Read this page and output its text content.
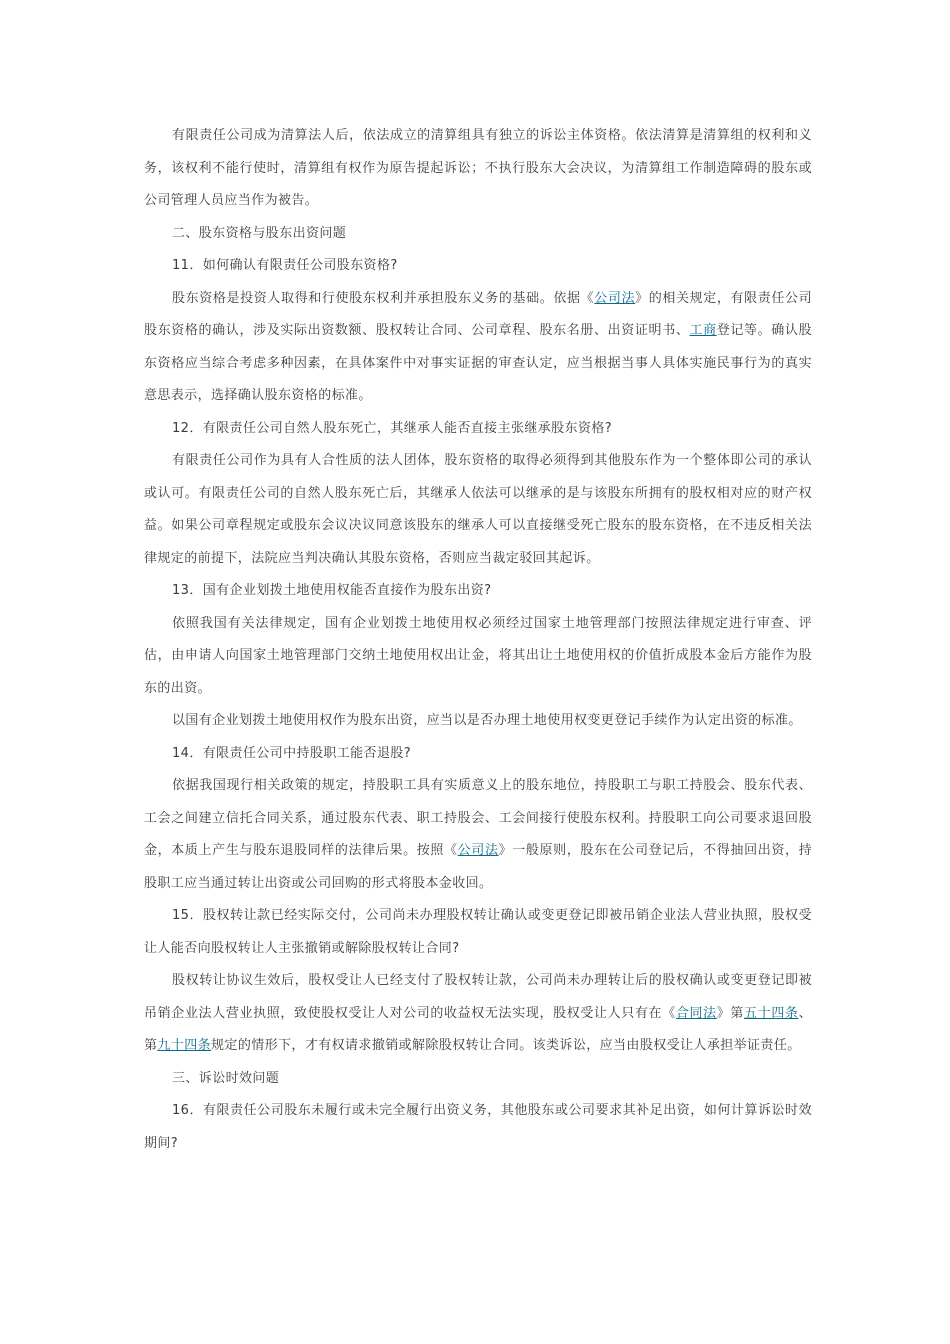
有限责任公司成为清算法人后，依法成立的清算组具有独立的诉讼主体资格。依法清算是清算组的权利和义务，该权利不能行使时，清算组有权作为原告提起诉讼；不执行股东大会决议，为清算组工作制造障碍的股东或公司管理人员应当作为被告。

二、股东资格与股东出资问题

11．如何确认有限责任公司股东资格?

股东资格是投资人取得和行使股东权利并承担股东义务的基础。依据《公司法》的相关规定，有限责任公司股东资格的确认，涉及实际出资数额、股权转让合同、公司章程、股东名册、出资证明书、工商登记等。确认股东资格应当综合考虑多种因素，在具体案件中对事实证据的审查认定，应当根据当事人具体实施民事行为的真实意思表示，选择确认股东资格的标准。

12．有限责任公司自然人股东死亡，其继承人能否直接主张继承股东资格?

有限责任公司作为具有人合性质的法人团体，股东资格的取得必须得到其他股东作为一个整体即公司的承认或认可。有限责任公司的自然人股东死亡后，其继承人依法可以继承的是与该股东所拥有的股权相对应的财产权益。如果公司章程规定或股东会议决议同意该股东的继承人可以直接继受死亡股东的股东资格，在不违反相关法律规定的前提下，法院应当判决确认其股东资格，否则应当裁定驳回其起诉。

13．国有企业划拨土地使用权能否直接作为股东出资?

依照我国有关法律规定，国有企业划拨土地使用权必须经过国家土地管理部门按照法律规定进行审查、评估，由申请人向国家土地管理部门交纳土地使用权出让金，将其出让土地使用权的价值折成股本金后方能作为股东的出资。

以国有企业划拨土地使用权作为股东出资，应当以是否办理土地使用权变更登记手续作为认定出资的标准。

14．有限责任公司中持股职工能否退股?

依据我国现行相关政策的规定，持股职工具有实质意义上的股东地位，持股职工与职工持股会、股东代表、工会之间建立信托合同关系，通过股东代表、职工持股会、工会间接行使股东权利。持股职工向公司要求退回股金，本质上产生与股东退股同样的法律后果。按照《公司法》一般原则，股东在公司登记后，不得抽回出资，持股职工应当通过转让出资或公司回购的形式将股本金收回。

15．股权转让款已经实际交付，公司尚未办理股权转让确认或变更登记即被吊销企业法人营业执照，股权受让人能否向股权转让人主张撤销或解除股权转让合同?

股权转让协议生效后，股权受让人已经支付了股权转让款，公司尚未办理转让后的股权确认或变更登记即被吊销企业法人营业执照，致使股权受让人对公司的收益权无法实现，股权受让人只有在《合同法》第五十四条、第九十四条规定的情形下，才有权请求撤销或解除股权转让合同。该类诉讼，应当由股权受让人承担举证责任。

三、诉讼时效问题

16．有限责任公司股东未履行或未完全履行出资义务，其他股东或公司要求其补足出资，如何计算诉讼时效期间?
